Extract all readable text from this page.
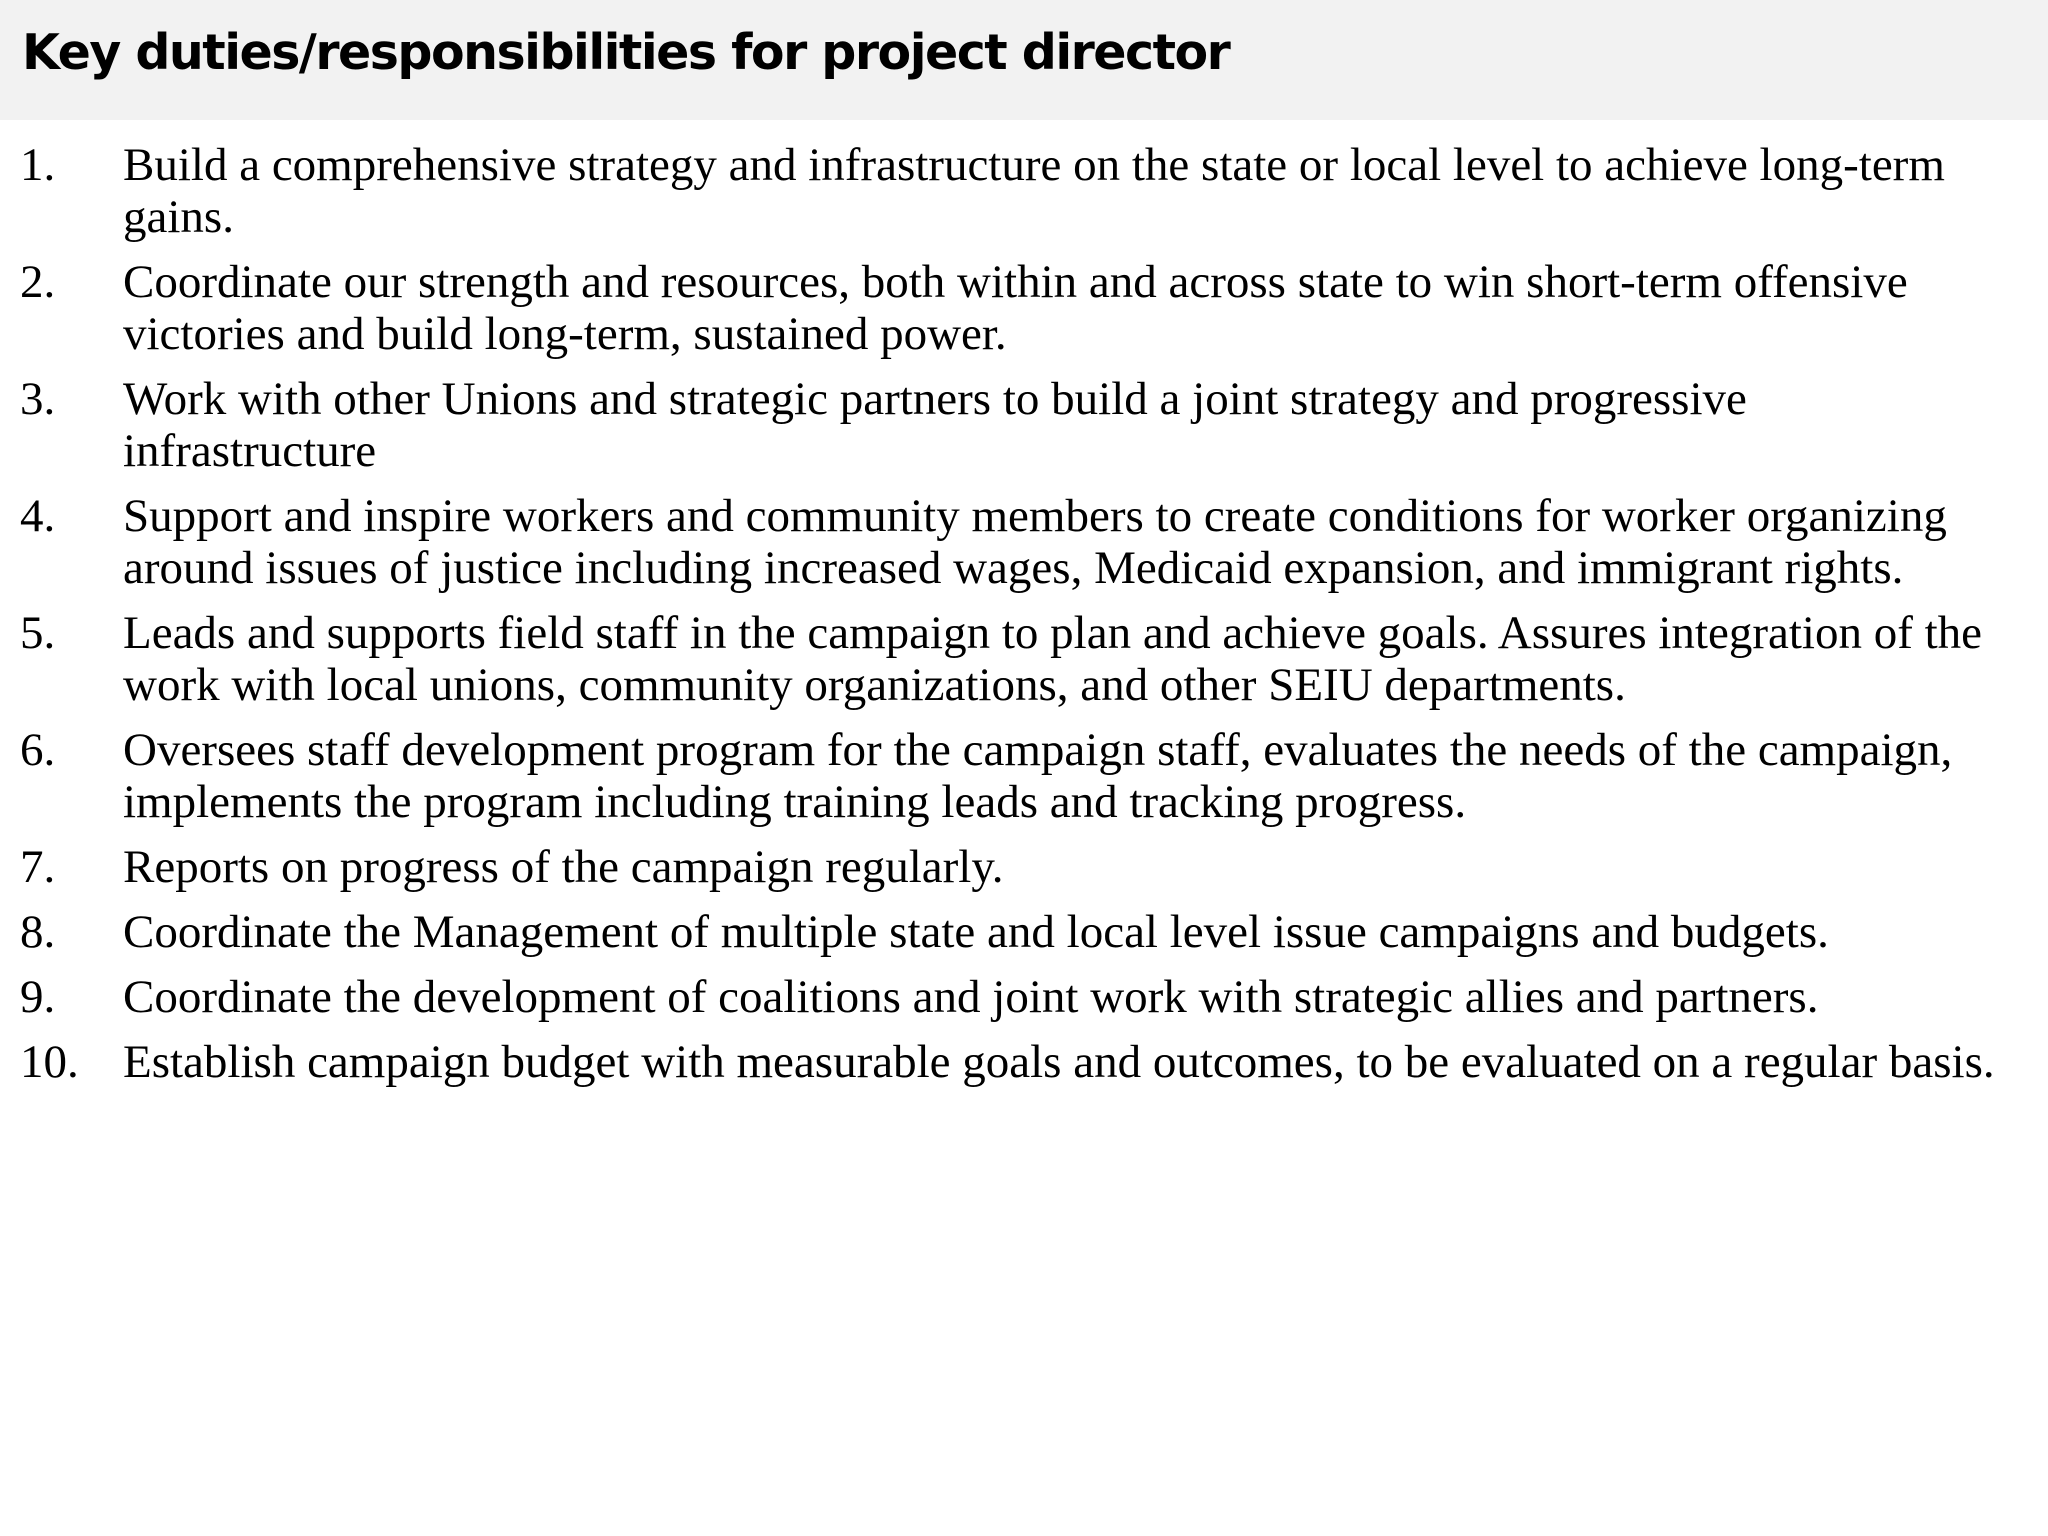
Key duties/responsibilities for project director
1. Build a comprehensive strategy and infrastructure on the state or local level to achieve long-term gains.
2. Coordinate our strength and resources, both within and across state to win short-term offensive victories and build long-term, sustained power.
3. Work with other Unions and strategic partners to build a joint strategy and progressive infrastructure
4. Support and inspire workers and community members to create conditions for worker organizing around issues of justice including increased wages, Medicaid expansion, and immigrant rights.
5. Leads and supports field staff in the campaign to plan and achieve goals. Assures integration of the work with local unions, community organizations, and other SEIU departments.
6. Oversees staff development program for the campaign staff, evaluates the needs of the campaign, implements the program including training leads and tracking progress.
7. Reports on progress of the campaign regularly.
8. Coordinate the Management of multiple state and local level issue campaigns and budgets.
9. Coordinate the development of coalitions and joint work with strategic allies and partners.
10. Establish campaign budget with measurable goals and outcomes, to be evaluated on a regular basis.
